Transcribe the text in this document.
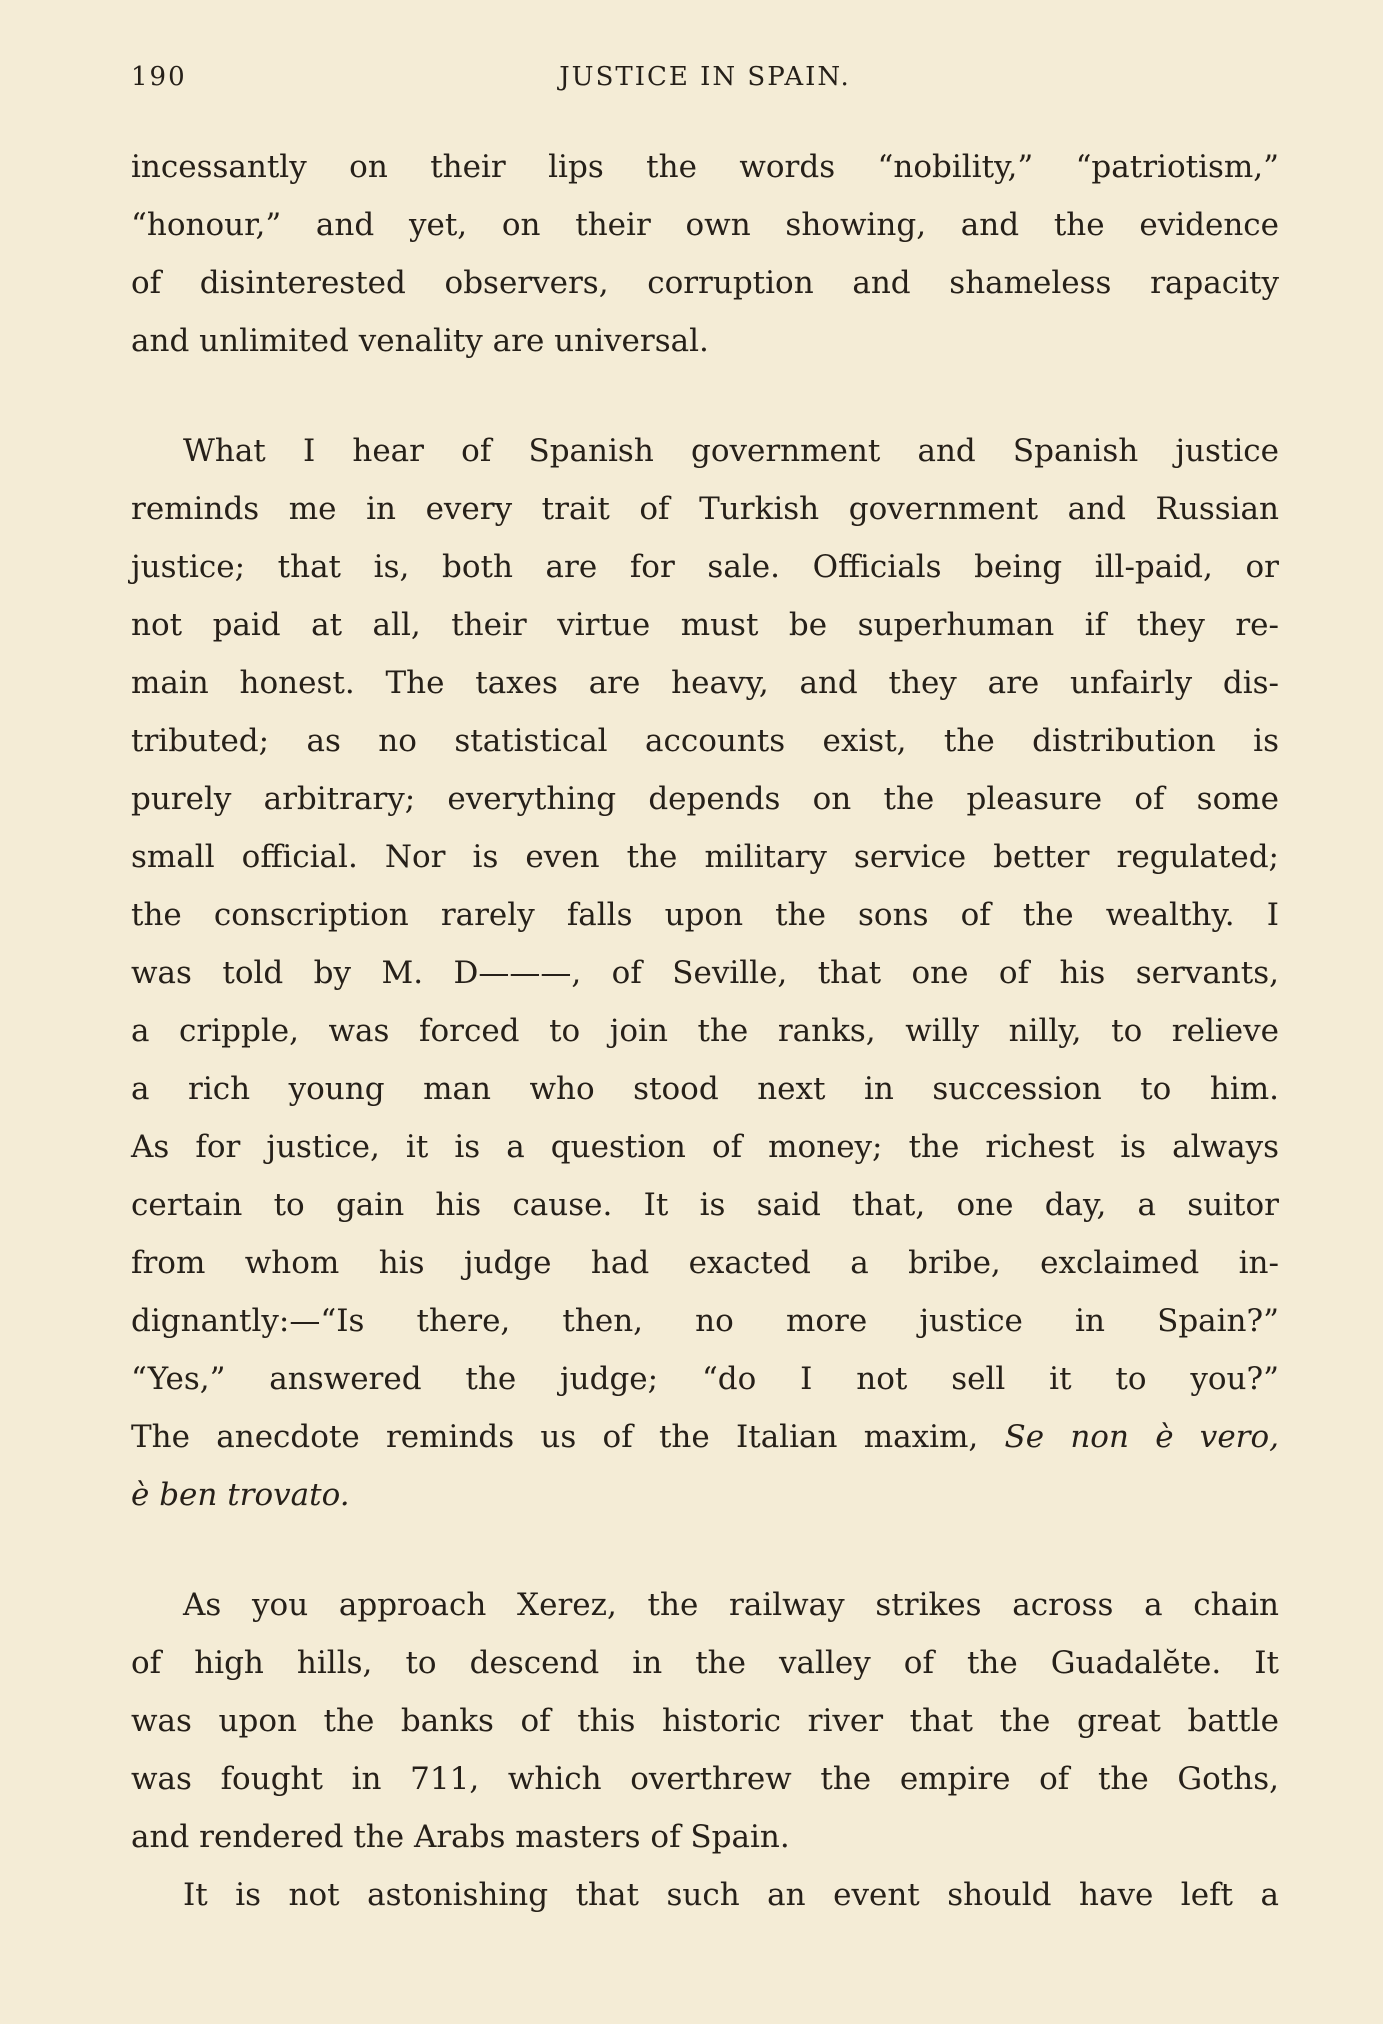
190	JUSTICE IN SPAIN.
incessantly on their lips the words “nobility,” “patriotism,”
“honour,” and yet, on their own showing, and the evidence
of disinterested observers, corruption and shameless rapacity
and unlimited venality are universal.
What I hear of Spanish government and Spanish justice
reminds me in every trait of Turkish government and Russian
justice; that is, both are for sale. Officials being ill-paid, or
not paid at all, their virtue must be superhuman if they re-
main honest. The taxes are heavy, and they are unfairly dis-
tributed; as no statistical accounts exist, the distribution is
purely arbitrary; everything depends on the pleasure of some
small official. Nor is even the military service better regulated;
the conscription rarely falls upon the sons of the wealthy. I
was told by M. D———, of Seville, that one of his servants,
a cripple, was forced to join the ranks, willy nilly, to relieve
a rich young man who stood next in succession to him.
As for justice, it is a question of money; the richest is always
certain to gain his cause. It is said that, one day, a suitor
from whom his judge had exacted a bribe, exclaimed in-
dignantly:—“Is there, then, no more justice in Spain?”
“Yes,” answered the judge; “do I not sell it to you?”
The anecdote reminds us of the Italian maxim, Se non è vero,
è ben trovato.
As you approach Xerez, the railway strikes across a chain
of high hills, to descend in the valley of the Guadalĕte. It
was upon the banks of this historic river that the great battle
was fought in 711, which overthrew the empire of the Goths,
and rendered the Arabs masters of Spain.
It is not astonishing that such an event should have left a
